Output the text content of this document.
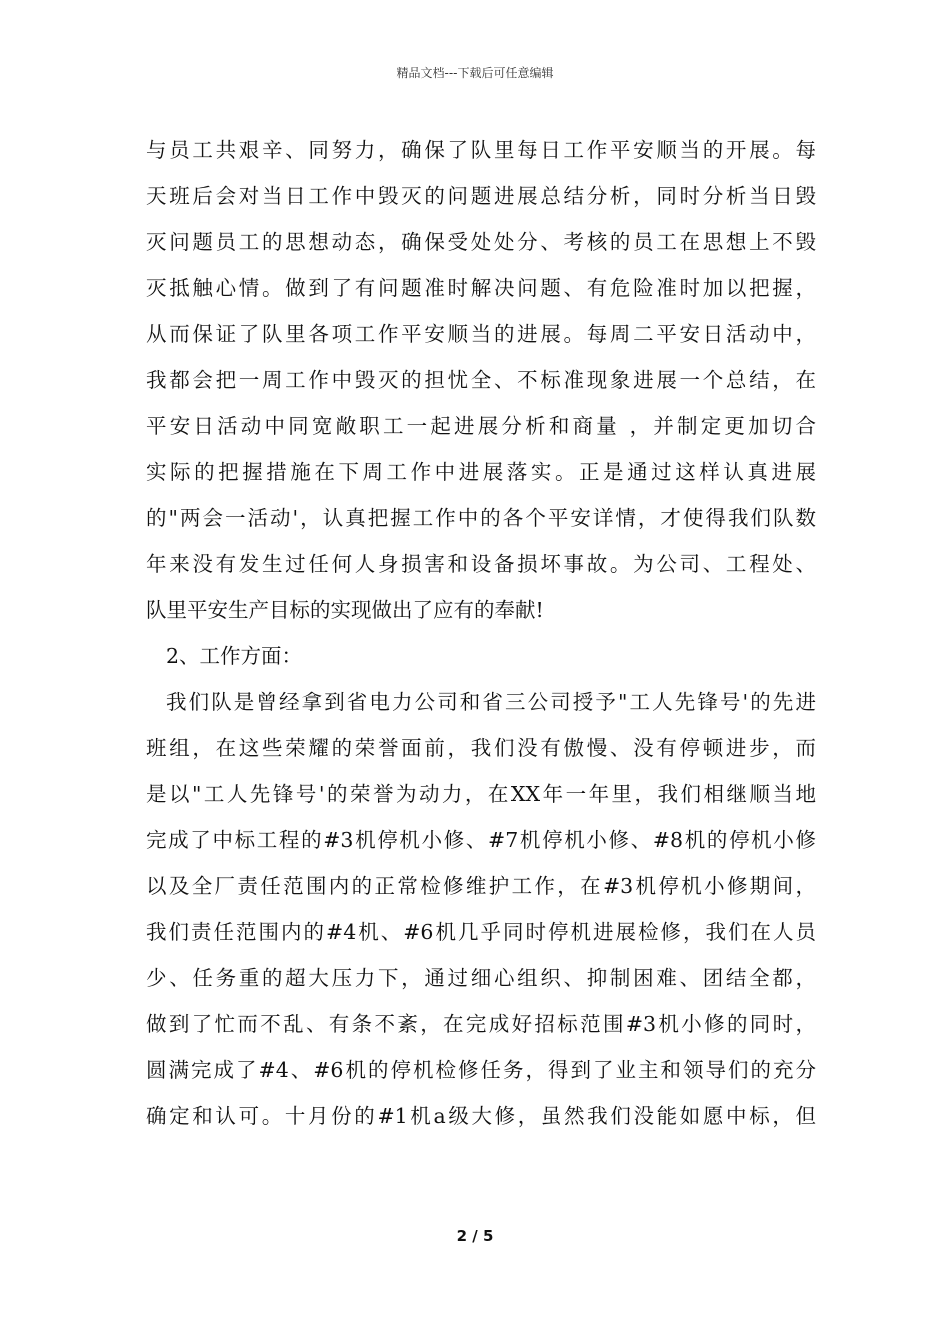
精品文档---下载后可任意编辑
与员工共艰辛、同努力，确保了队里每日工作平安顺当的开展。每
天班后会对当日工作中毁灭的问题进展总结分析，同时分析当日毁
灭问题员工的思想动态，确保受处处分、考核的员工在思想上不毁
灭抵触心情。做到了有问题准时解决问题、有危险准时加以把握，
从而保证了队里各项工作平安顺当的进展。每周二平安日活动中，
我都会把一周工作中毁灭的担忧全、不标准现象进展一个总结，在
平安日活动中同宽敞职工一起进展分析和商量 ，并制定更加切合
实际的把握措施在下周工作中进展落实。正是通过这样认真进展
的"两会一活动'，认真把握工作中的各个平安详情，才使得我们队数
年来没有发生过任何人身损害和设备损坏事故。为公司、工程处、
队里平安生产目标的实现做出了应有的奉献!
2、工作方面：
我们队是曾经拿到省电力公司和省三公司授予"工人先锋号'的先进
班组，在这些荣耀的荣誉面前，我们没有傲慢、没有停顿进步，而
是以"工人先锋号'的荣誉为动力，在XX年一年里，我们相继顺当地
完成了中标工程的#3机停机小修、#7机停机小修、#8机的停机小修
以及全厂责任范围内的正常检修维护工作，在#3机停机小修期间，
我们责任范围内的#4机、#6机几乎同时停机进展检修，我们在人员
少、任务重的超大压力下，通过细心组织、抑制困难、团结全都，
做到了忙而不乱、有条不紊，在完成好招标范围#3机小修的同时，
圆满完成了#4、#6机的停机检修任务，得到了业主和领导们的充分
确定和认可。十月份的#1机a级大修，虽然我们没能如愿中标，但
2 / 5
